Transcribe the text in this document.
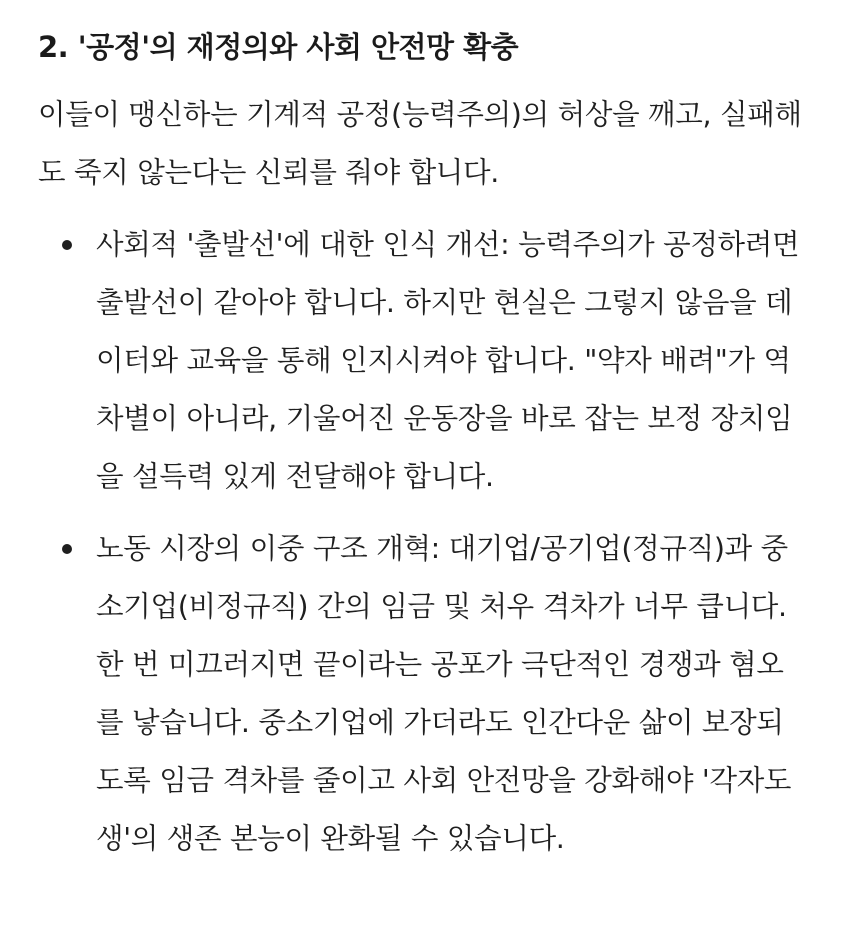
2. '공정'의 재정의와 사회 안전망 확충

이들이 맹신하는 기계적 공정(능력주의)의 허상을 깨고, 실패해도 죽지 않는다는 신뢰를 줘야 합니다.

사회적 '출발선'에 대한 인식 개선: 능력주의가 공정하려면 출발선이 같아야 합니다. 하지만 현실은 그렇지 않음을 데이터와 교육을 통해 인지시켜야 합니다. "약자 배려"가 역차별이 아니라, 기울어진 운동장을 바로 잡는 보정 장치임을 설득력 있게 전달해야 합니다.
노동 시장의 이중 구조 개혁: 대기업/공기업(정규직)과 중소기업(비정규직) 간의 임금 및 처우 격차가 너무 큽니다. 한 번 미끄러지면 끝이라는 공포가 극단적인 경쟁과 혐오를 낳습니다. 중소기업에 가더라도 인간다운 삶이 보장되도록 임금 격차를 줄이고 사회 안전망을 강화해야 '각자도생'의 생존 본능이 완화될 수 있습니다.
